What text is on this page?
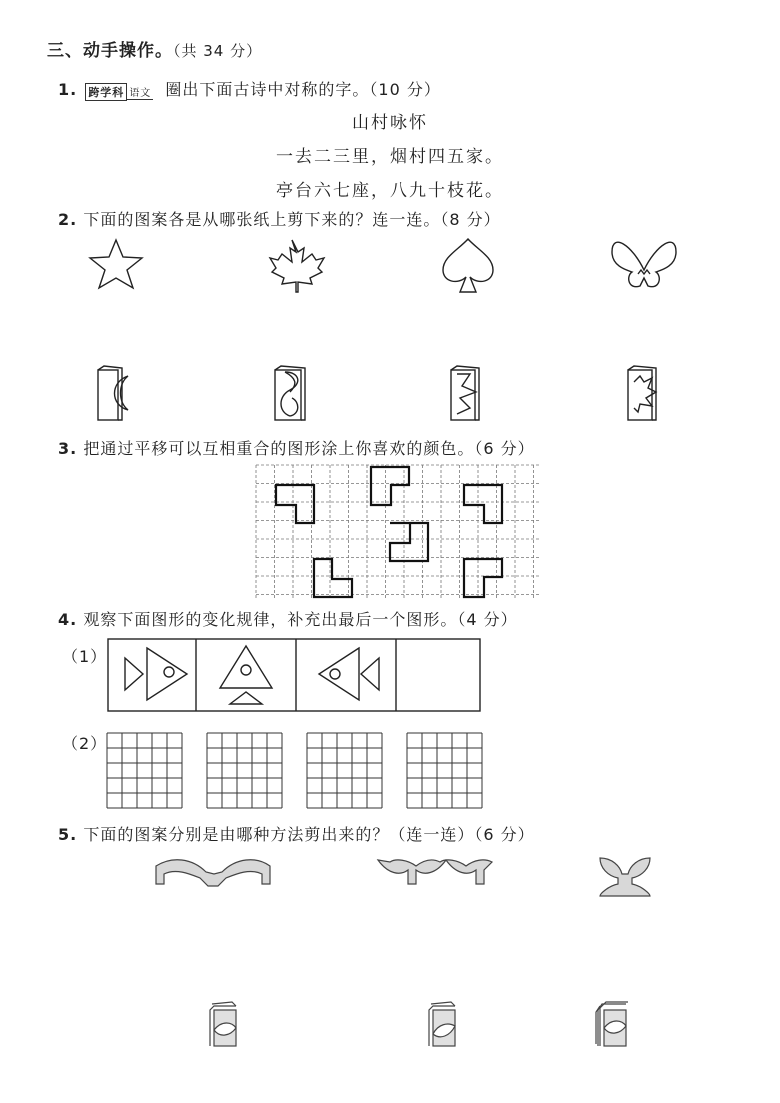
三、动手操作。（共 34 分）
1. 跨学科 语文 圈出下面古诗中对称的字。（10 分）
山村咏怀
一去二三里，烟村四五家。
亭台六七座，八九十枝花。
2. 下面的图案各是从哪张纸上剪下来的？连一连。（8 分）
3. 把通过平移可以互相重合的图形涂上你喜欢的颜色。（6 分）
4. 观察下面图形的变化规律，补充出最后一个图形。（4 分）
（1）
（2）
5. 下面的图案分别是由哪种方法剪出来的？（连一连）（6 分）
